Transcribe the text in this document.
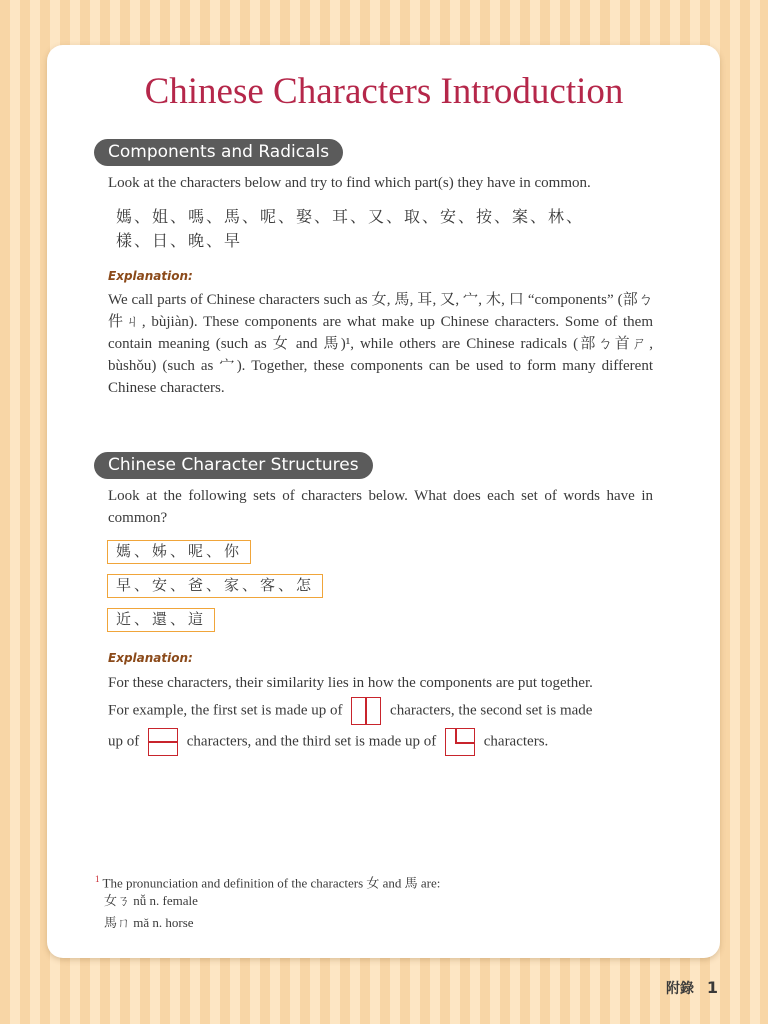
Chinese Characters Introduction
Components and Radicals

Look at the characters below and try to find which part(s) they have in common.

媽、姐、嗎、馬、呢、娶、耳、又、取、安、按、案、林、

樣、日、晚、早

Explanation:

We call parts of Chinese characters such as 女, 馬, 耳, 又, 宀, 木, 口 “components” (部ㄅ件ㄐ, bùjiàn). These components are what make up Chinese characters. Some of them contain meaning (such as 女 and 馬)¹, while others are Chinese radicals (部ㄅ首ㄕ, bùshǒu) (such as 宀). Together, these components can be used to form many different Chinese characters.

Chinese Character Structures

Look at the following sets of characters below. What does each set of words have in common?

媽、姊、呢、你
早、安、爸、家、客、怎
近、還、這

Explanation:

For these characters, their similarity lies in how the components are put together.
For example, the first set is made up of	characters, the second set is made
up of	characters, and the third set is made up of	characters.

$^1$ The pronunciation and definition of the characters 女 and 馬 are:

女ㄋ nǚ n. female

馬ㄇ mǎ n. horse

附錄 1
